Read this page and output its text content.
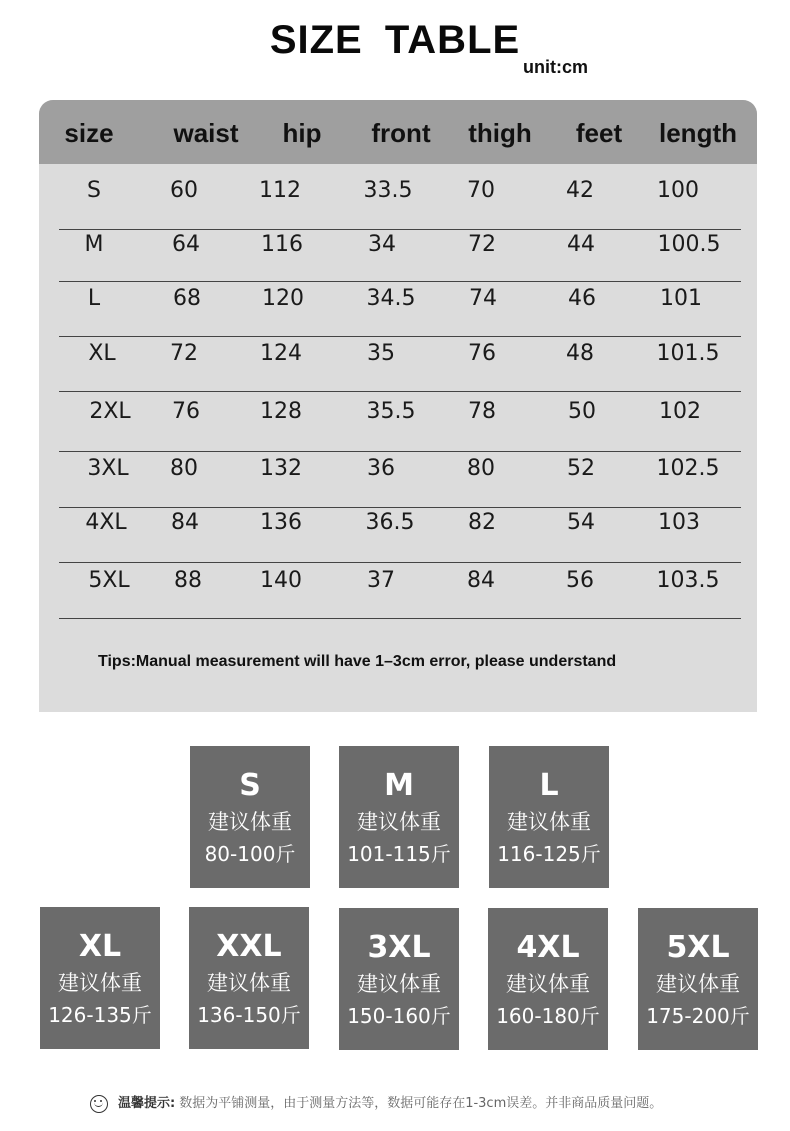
SIZE TABLE
unit:cm
size waist hip front thigh feet length
S	60	112	33.5 70	42	100
M	64	116	34	72	44	100.5
L	68	120	34.5 74	46	101
XL 72	124	35	76	48	101.5
2XL 76	128	35.5 78	50	102
3XL 80	132	36	80	52	102.5
4XL 84	136	36.5 82	54	103
5XL 88	140	37	84	56	103.5
Tips:Manual measurement will have 1–3cm error, please understand
S
建议体重
80-100斤
M
建议体重
101-115斤
L
建议体重
116-125斤
XL
建议体重
126-135斤
XXL
建议体重
136-150斤
3XL
建议体重
150-160斤
4XL
建议体重
160-180斤
5XL
建议体重
175-200斤
温馨提示: 数据为平铺测量，由于测量方法等，数据可能存在1-3cm误差。并非商品质量问题。
